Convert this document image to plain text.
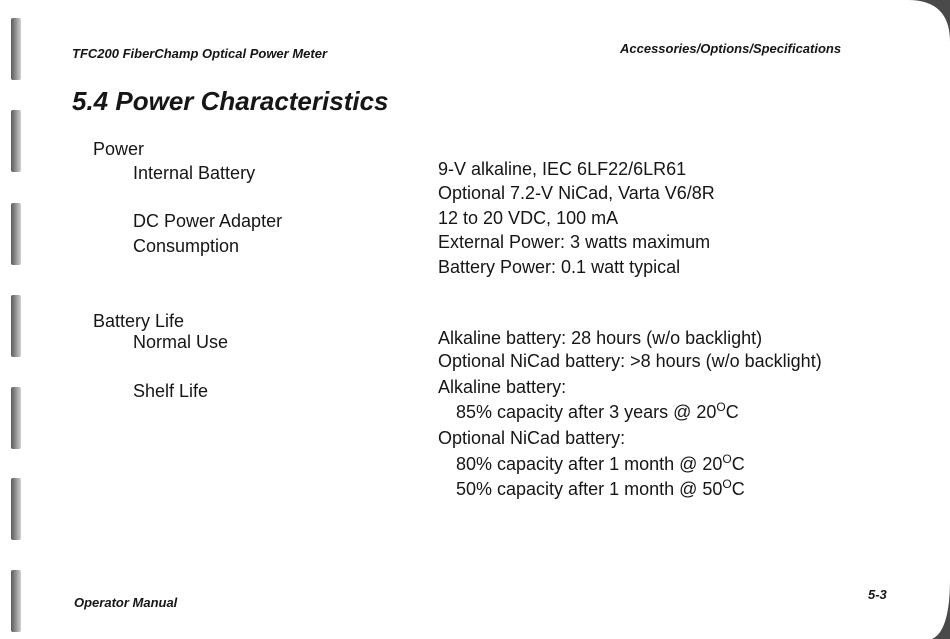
TFC200 FiberChamp Optical Power Meter	Accessories/Options/Specifications
5.4 Power Characteristics
Power
Internal Battery
DC Power Adapter
Consumption
Battery Life
Normal Use
Shelf Life
9-V alkaline, IEC 6LF22/6LR61
Optional 7.2-V NiCad, Varta V6/8R
12 to 20 VDC, 100 mA
External Power: 3 watts maximum
Battery Power: 0.1 watt typical
Alkaline battery: 28 hours (w/o backlight)
Optional NiCad battery: >8 hours (w/o backlight)
Alkaline battery:
85% capacity after 3 years @ $20^OC$
Optional NiCad battery:
80% capacity after 1 month @ $20^OC$
50% capacity after 1 month @ $50^OC$
Operator Manual
5-3
